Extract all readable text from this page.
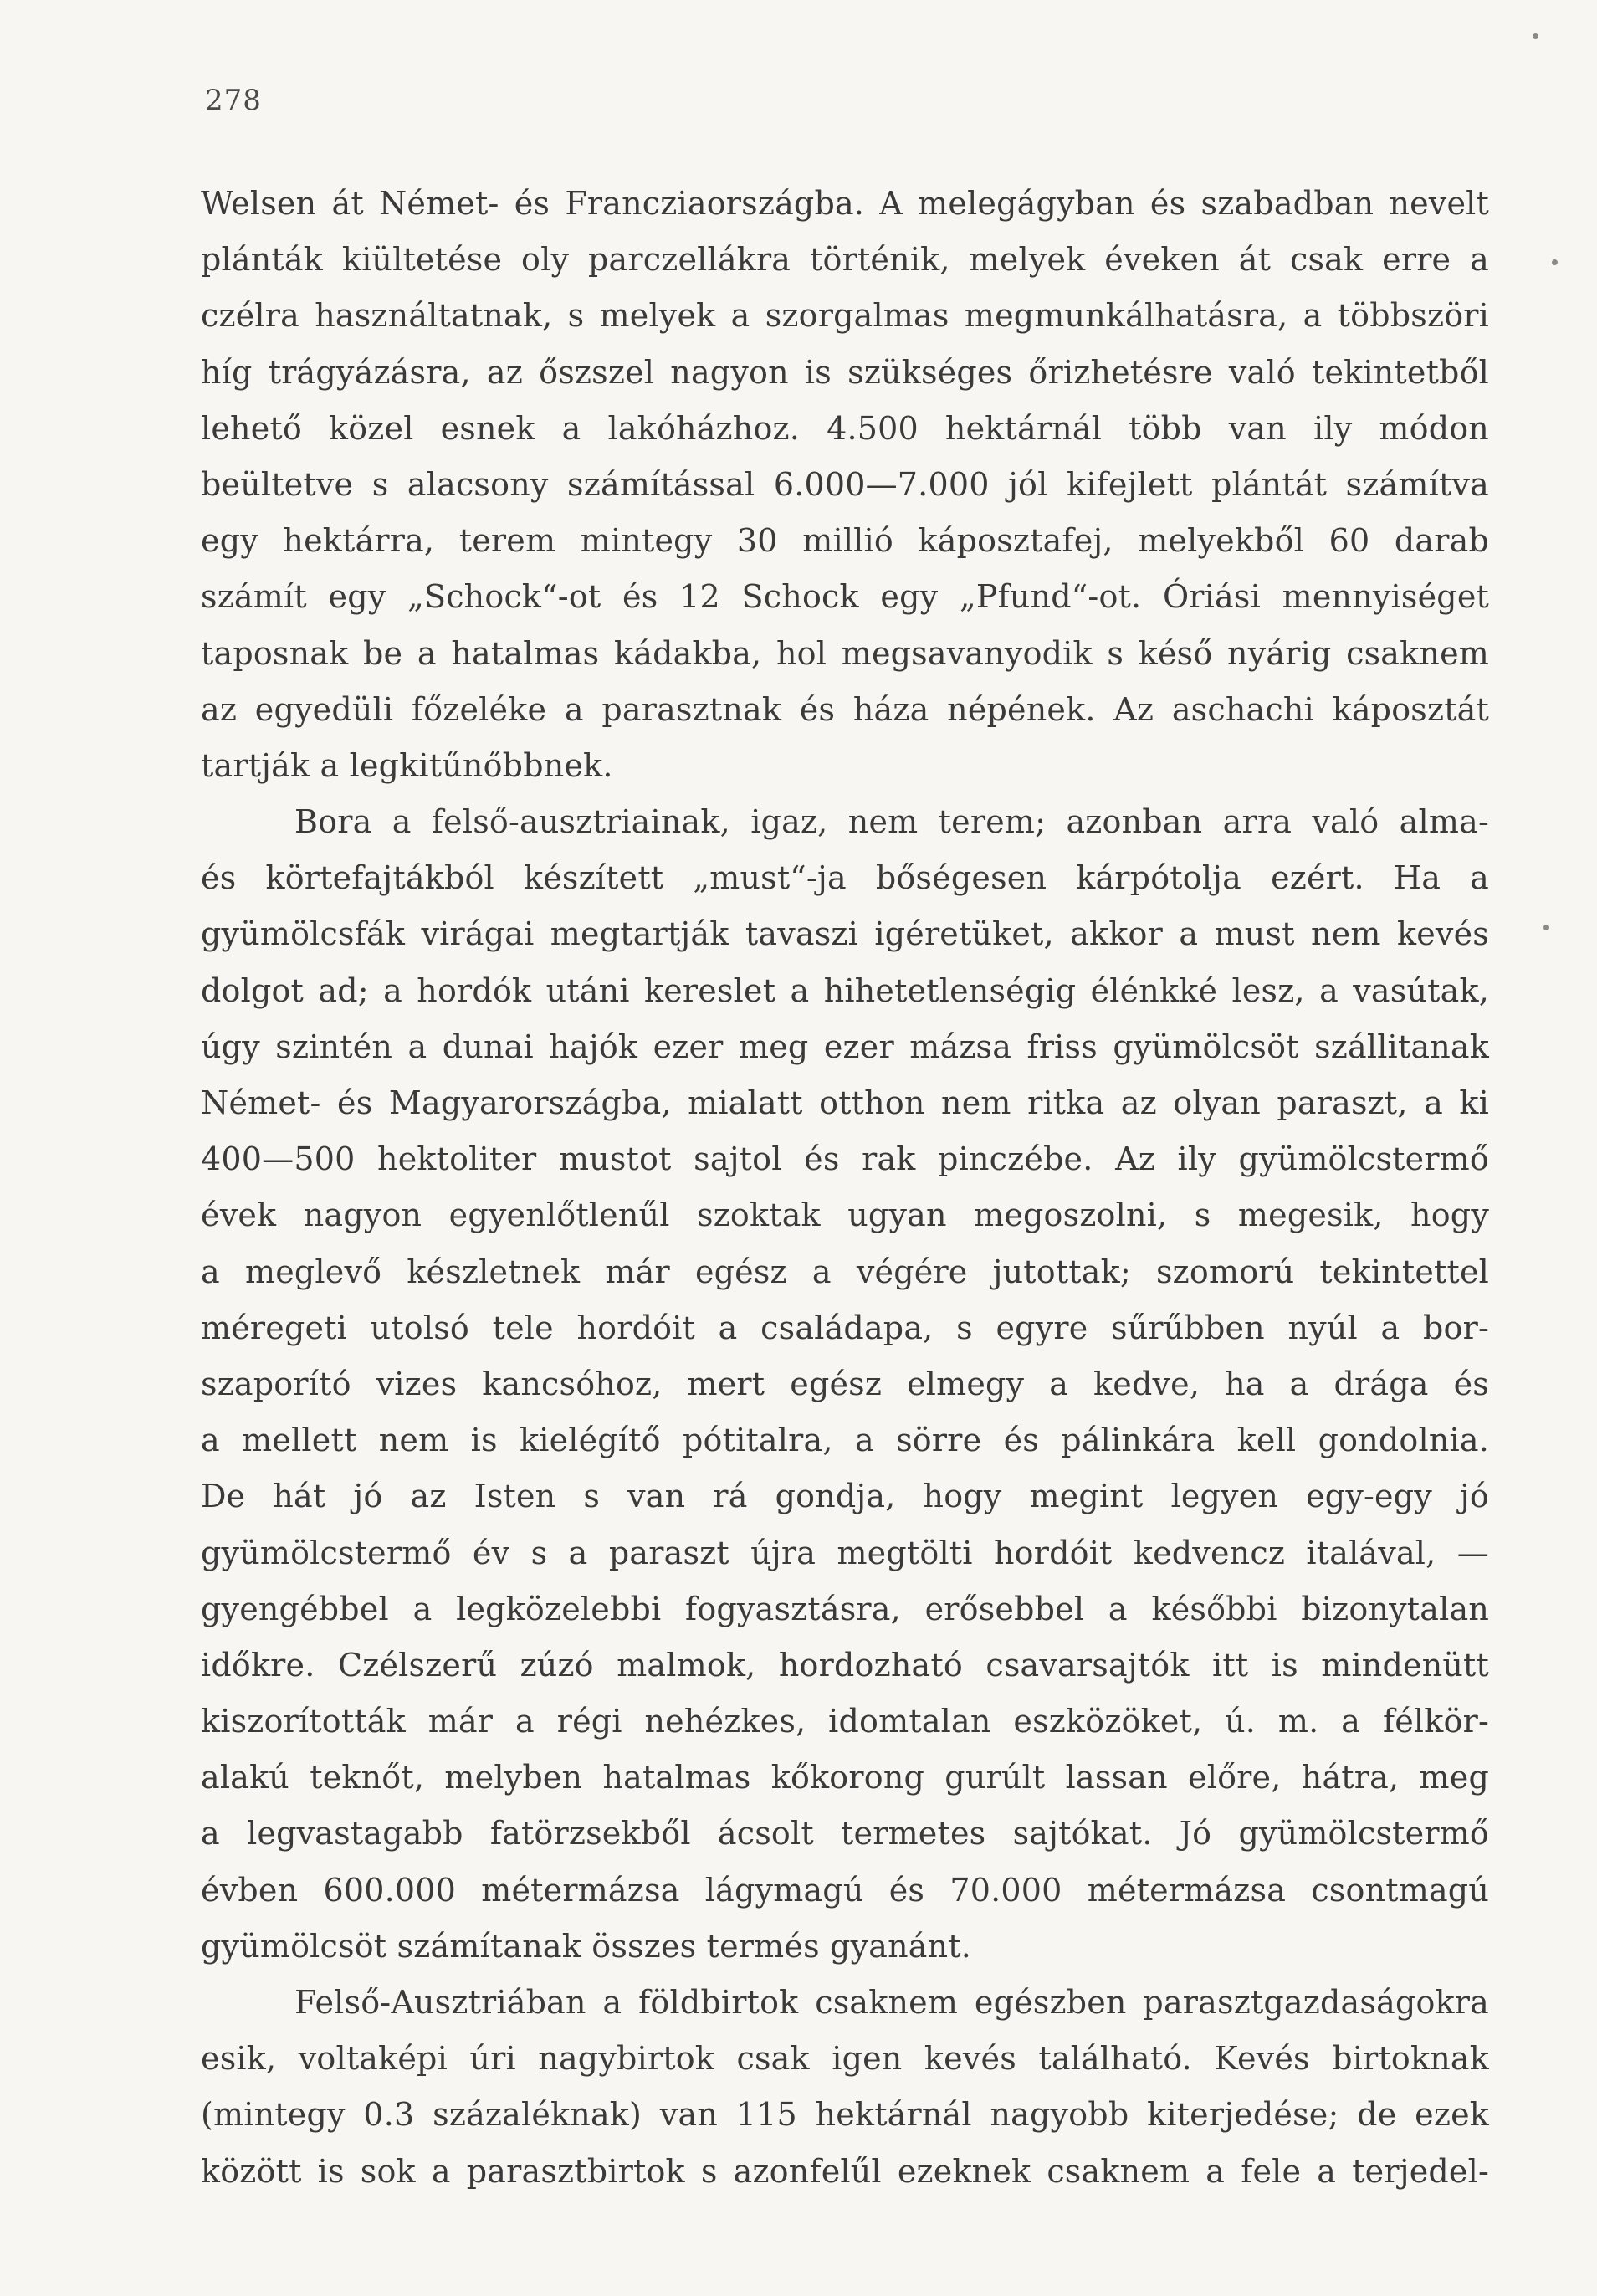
278
Welsen át Német- és Francziaországba. A melegágyban és szabadban nevelt
plánták kiültetése oly parczellákra történik, melyek éveken át csak erre a
czélra használtatnak, s melyek a szorgalmas megmunkálhatásra, a többszöri
híg trágyázásra, az őszszel nagyon is szükséges őrizhetésre való tekintetből
lehető közel esnek a lakóházhoz. 4.500 hektárnál több van ily módon
beültetve s alacsony számítással 6.000—7.000 jól kifejlett plántát számítva
egy hektárra, terem mintegy 30 millió káposztafej, melyekből 60 darab
számít egy „Schock“-ot és 12 Schock egy „Pfund“-ot. Óriási mennyiséget
taposnak be a hatalmas kádakba, hol megsavanyodik s késő nyárig csaknem
az egyedüli főzeléke a parasztnak és háza népének. Az aschachi káposztát
tartják a legkitűnőbbnek.
Bora a felső-ausztriainak, igaz, nem terem; azonban arra való alma-
és körtefajtákból készített „must“-ja bőségesen kárpótolja ezért. Ha a
gyümölcsfák virágai megtartják tavaszi igéretüket, akkor a must nem kevés
dolgot ad; a hordók utáni kereslet a hihetetlenségig élénkké lesz, a vasútak,
úgy szintén a dunai hajók ezer meg ezer mázsa friss gyümölcsöt szállitanak
Német- és Magyarországba, mialatt otthon nem ritka az olyan paraszt, a ki
400—500 hektoliter mustot sajtol és rak pinczébe. Az ily gyümölcstermő
évek nagyon egyenlőtlenűl szoktak ugyan megoszolni, s megesik, hogy
a meglevő készletnek már egész a végére jutottak; szomorú tekintettel
méregeti utolsó tele hordóit a családapa, s egyre sűrűbben nyúl a bor-
szaporító vizes kancsóhoz, mert egész elmegy a kedve, ha a drága és
a mellett nem is kielégítő pótitalra, a sörre és pálinkára kell gondolnia.
De hát jó az Isten s van rá gondja, hogy megint legyen egy-egy jó
gyümölcstermő év s a paraszt újra megtölti hordóit kedvencz italával, —
gyengébbel a legközelebbi fogyasztásra, erősebbel a későbbi bizonytalan
időkre. Czélszerű zúzó malmok, hordozható csavarsajtók itt is mindenütt
kiszorították már a régi nehézkes, idomtalan eszközöket, ú. m. a félkör-
alakú teknőt, melyben hatalmas kőkorong gurúlt lassan előre, hátra, meg
a legvastagabb fatörzsekből ácsolt termetes sajtókat. Jó gyümölcstermő
évben 600.000 métermázsa lágymagú és 70.000 métermázsa csontmagú
gyümölcsöt számítanak összes termés gyanánt.
Felső-Ausztriában a földbirtok csaknem egészben parasztgazdaságokra
esik, voltaképi úri nagybirtok csak igen kevés található. Kevés birtoknak
(mintegy 0.3 százaléknak) van 115 hektárnál nagyobb kiterjedése; de ezek
között is sok a parasztbirtok s azonfelűl ezeknek csaknem a fele a terjedel-
